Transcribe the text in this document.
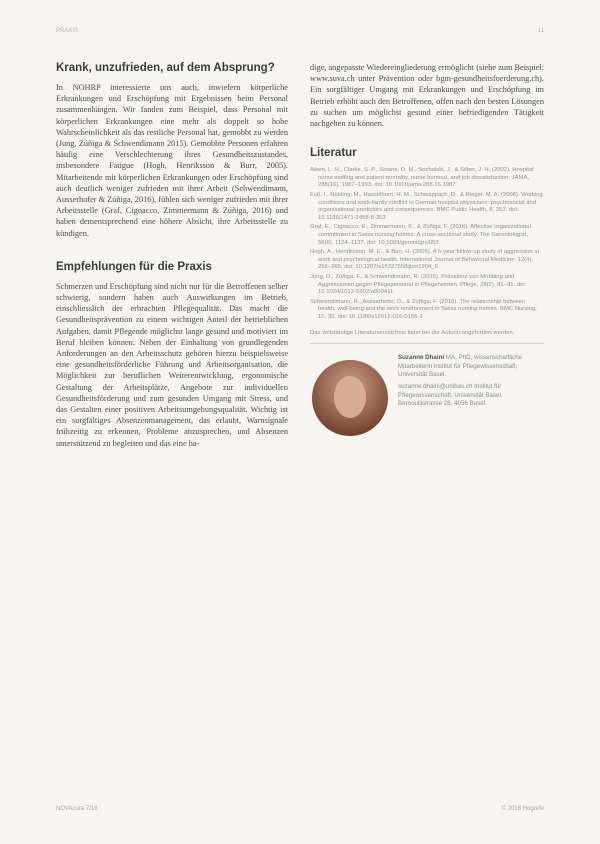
PRAXIS	11
Krank, unzufrieden, auf dem Absprung?

In NOHRP interessierte uns auch, inwiefern körperliche Erkrankungen und Erschöpfung mit Ergebnissen beim Personal zusammenhängen. Wir fanden zum Beispiel, dass Personal mit körperlichen Erkrankungen eine mehr als doppelt so hohe Wahrscheinlichkeit als das restliche Personal hat, gemobbt zu werden (Jung, Zúñiga & Schwendimann 2015). Gemobbte Personen erfahren häufig eine Verschlechterung ihres Gesundheitszustandes, insbesondere Fatigue (Hogh, Henriksson & Burr, 2005). Mitarbeitende mit körperlichen Erkrankungen oder Erschöpfung sind auch deutlich weniger zufrieden mit ihrer Arbeit (Schwendimann, Ausserhofer & Zúñiga, 2016), fühlen sich weniger zufrieden mit ihrer Arbeitsstelle (Graf, Cignacco, Zimmermann & Zúñiga, 2016) und haben dementsprechend eine höhere Absicht, ihre Arbeitsstelle zu kündigen.

Empfehlungen für die Praxis

Schmerzen und Erschöpfung sind nicht nur für die Betroffenen selber schwierig, sondern haben auch Auswirkungen im Betrieb, einschliesslich der erbrachten Pflegequalität. Das macht die Gesundheitsprävention zu einem wichtigen Anteil der betrieblichen Aufgaben, damit Pflegende möglichst lange gesund und motiviert im Beruf bleiben können. Neben der Einhaltung von grundlegenden Anforderungen an den Arbeitsschutz gehören hierzu beispielsweise eine gesundheitsförderliche Führung und Arbeitsorganisation, die Möglichkeit zur beruflichen Weiterentwicklung, ergonomische Gestaltung der Arbeitsplätze, Angebote zur individuellen Gesundheitsförderung und zum gesunden Umgang mit Stress, und das Gestalten einer positiven Arbeitsumgebungsqualität. Wichtig ist ein sorgfältiges Absenzenmanagement, das erlaubt, Warnsignale frühzeitig zu erkennen, Probleme anzusprechen, und Absenzen unterstützend zu begleiten und das eine ha-

dige, angepasste Wiedereingliederung ermöglicht (siehe zum Beispiel: www.suva.ch unter Prävention oder bgm-gesundheitsfoerderung.ch). Ein sorgfältiger Umgang mit Erkrankungen und Erschöpfung im Betrieb erhöht auch den Betroffenen, offen nach den besten Lösungen zu suchen um möglichst gesund einer befriedigenden Tätigkeit nachgehen zu können.

Literatur

Aiken, L. H., Clarke, S. P., Sloane, D. M., Sochalski, J., & Silber, J. H. (2002). Hospital nurse staffing and patient mortality, nurse burnout, and job dissatisfaction. JAMA, 288(16), 1987–1993. doi: 10.1001/jama.288.16.1987

Fuß, I., Nübling, M., Hasselhorn, H. M., Schwappach, D., & Rieger, M. A. (2008). Working conditions and work-family conflict in German hospital physicians: psychosocial and organisational predictors and consequences. BMC Public Health, 8, 353. doi: 10.1186/1471-2458-8-353

Graf, E., Cignacco, E., Zimmermann, K., & Zúñiga, F. (2016). Affective organizational commitment in Swiss nursing homes: A cross-sectional study. The Gerontologist, 56(6), 1124–1137. doi: 10.1093/geront/gnv053

Hogh, A., Henriksson, M. E., & Burr, H. (2005). A 5-year follow-up study of aggression at work and psychological health. International Journal of Behavioral Medicine, 12(4), 256–265. doi: 10.1207/s15327558ijbm1204_6

Jung, D., Zúñiga, F., & Schwendimann, R. (2015). Prävalenz von Mobbing und Aggressionen gegen Pflegepersonal in Pflegeheimen. Pflege, 28(2), 81–91. doi: 10.1024/1012-5302/a000411

Schwendimann, R., Ausserhofer, D., & Zúñiga, F. (2016). The relationship between health, well-being and the work environment in Swiss nursing homes. BMC Nursing, 15, 35. doi: 10.1186/s12912-016-0155-3

Das vollständige Literaturverzeichnis kann bei der Autorin angefordert werden.

Suzanne Dhaini MA, PhD, wissenschaftliche Mitarbeiterin Institut für Pflegewissenschaft, Universität Basel.
suzanne.dhaini@unibas.ch Institut für Pflegewissenschaft, Universität Basel, Bernoullistrasse 28, 4056 Basel.
NOVAcura 7/18	© 2018 Hogrefe
